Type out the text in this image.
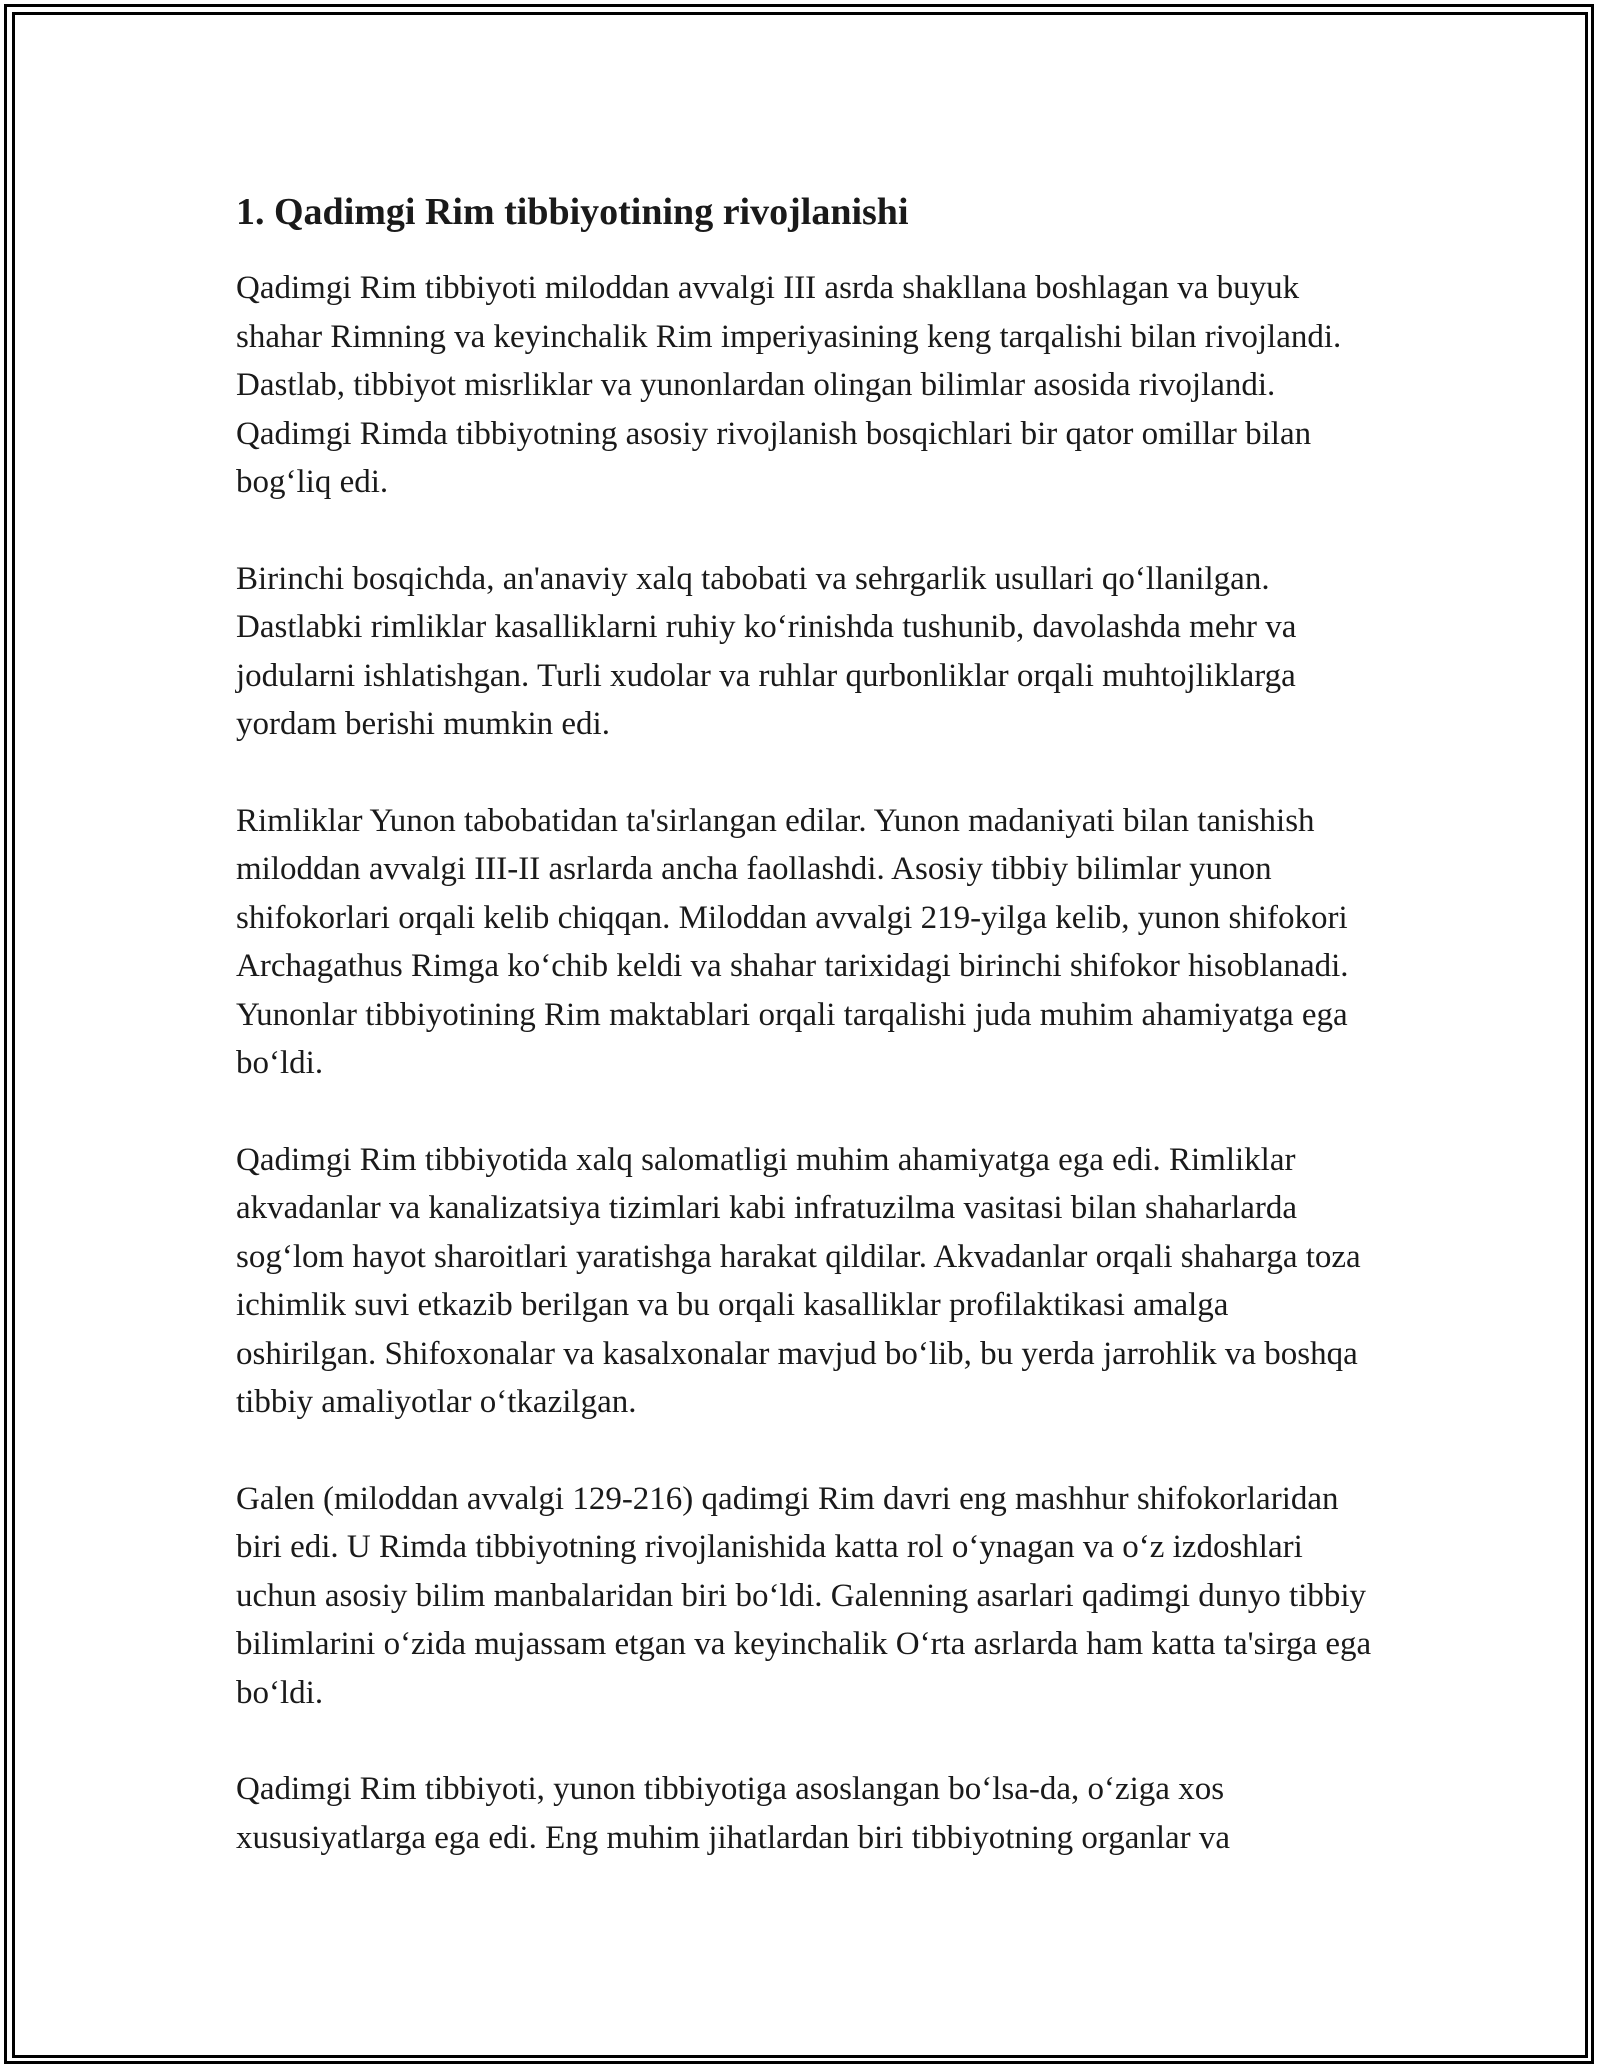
1. Qadimgi Rim tibbiyotining rivojlanishi

Qadimgi Rim tibbiyoti miloddan avvalgi III asrda shakllana boshlagan va buyuk shahar Rimning va keyinchalik Rim imperiyasining keng tarqalishi bilan rivojlandi. Dastlab, tibbiyot misrliklar va yunonlardan olingan bilimlar asosida rivojlandi. Qadimgi Rimda tibbiyotning asosiy rivojlanish bosqichlari bir qator omillar bilan bog‘liq edi.

Birinchi bosqichda, an'anaviy xalq tabobati va sehrgarlik usullari qo‘llanilgan. Dastlabki rimliklar kasalliklarni ruhiy ko‘rinishda tushunib, davolashda mehr va jodularni ishlatishgan. Turli xudolar va ruhlar qurbonliklar orqali muhtojliklarga yordam berishi mumkin edi.

Rimliklar Yunon tabobatidan ta'sirlangan edilar. Yunon madaniyati bilan tanishish miloddan avvalgi III-II asrlarda ancha faollashdi. Asosiy tibbiy bilimlar yunon shifokorlari orqali kelib chiqqan. Miloddan avvalgi 219-yilga kelib, yunon shifokori Archagathus Rimga ko‘chib keldi va shahar tarixidagi birinchi shifokor hisoblanadi. Yunonlar tibbiyotining Rim maktablari orqali tarqalishi juda muhim ahamiyatga ega bo‘ldi.

Qadimgi Rim tibbiyotida xalq salomatligi muhim ahamiyatga ega edi. Rimliklar akvadanlar va kanalizatsiya tizimlari kabi infratuzilma vasitasi bilan shaharlarda sog‘lom hayot sharoitlari yaratishga harakat qildilar. Akvadanlar orqali shaharga toza ichimlik suvi etkazib berilgan va bu orqali kasalliklar profilaktikasi amalga oshirilgan. Shifoxonalar va kasalxonalar mavjud bo‘lib, bu yerda jarrohlik va boshqa tibbiy amaliyotlar o‘tkazilgan.

Galen (miloddan avvalgi 129-216) qadimgi Rim davri eng mashhur shifokorlaridan biri edi. U Rimda tibbiyotning rivojlanishida katta rol o‘ynagan va o‘z izdoshlari uchun asosiy bilim manbalaridan biri bo‘ldi. Galenning asarlari qadimgi dunyo tibbiy bilimlarini o‘zida mujassam etgan va keyinchalik O‘rta asrlarda ham katta ta'sirga ega bo‘ldi.

Qadimgi Rim tibbiyoti, yunon tibbiyotiga asoslangan bo‘lsa-da, o‘ziga xos xususiyatlarga ega edi. Eng muhim jihatlardan biri tibbiyotning organlar va
